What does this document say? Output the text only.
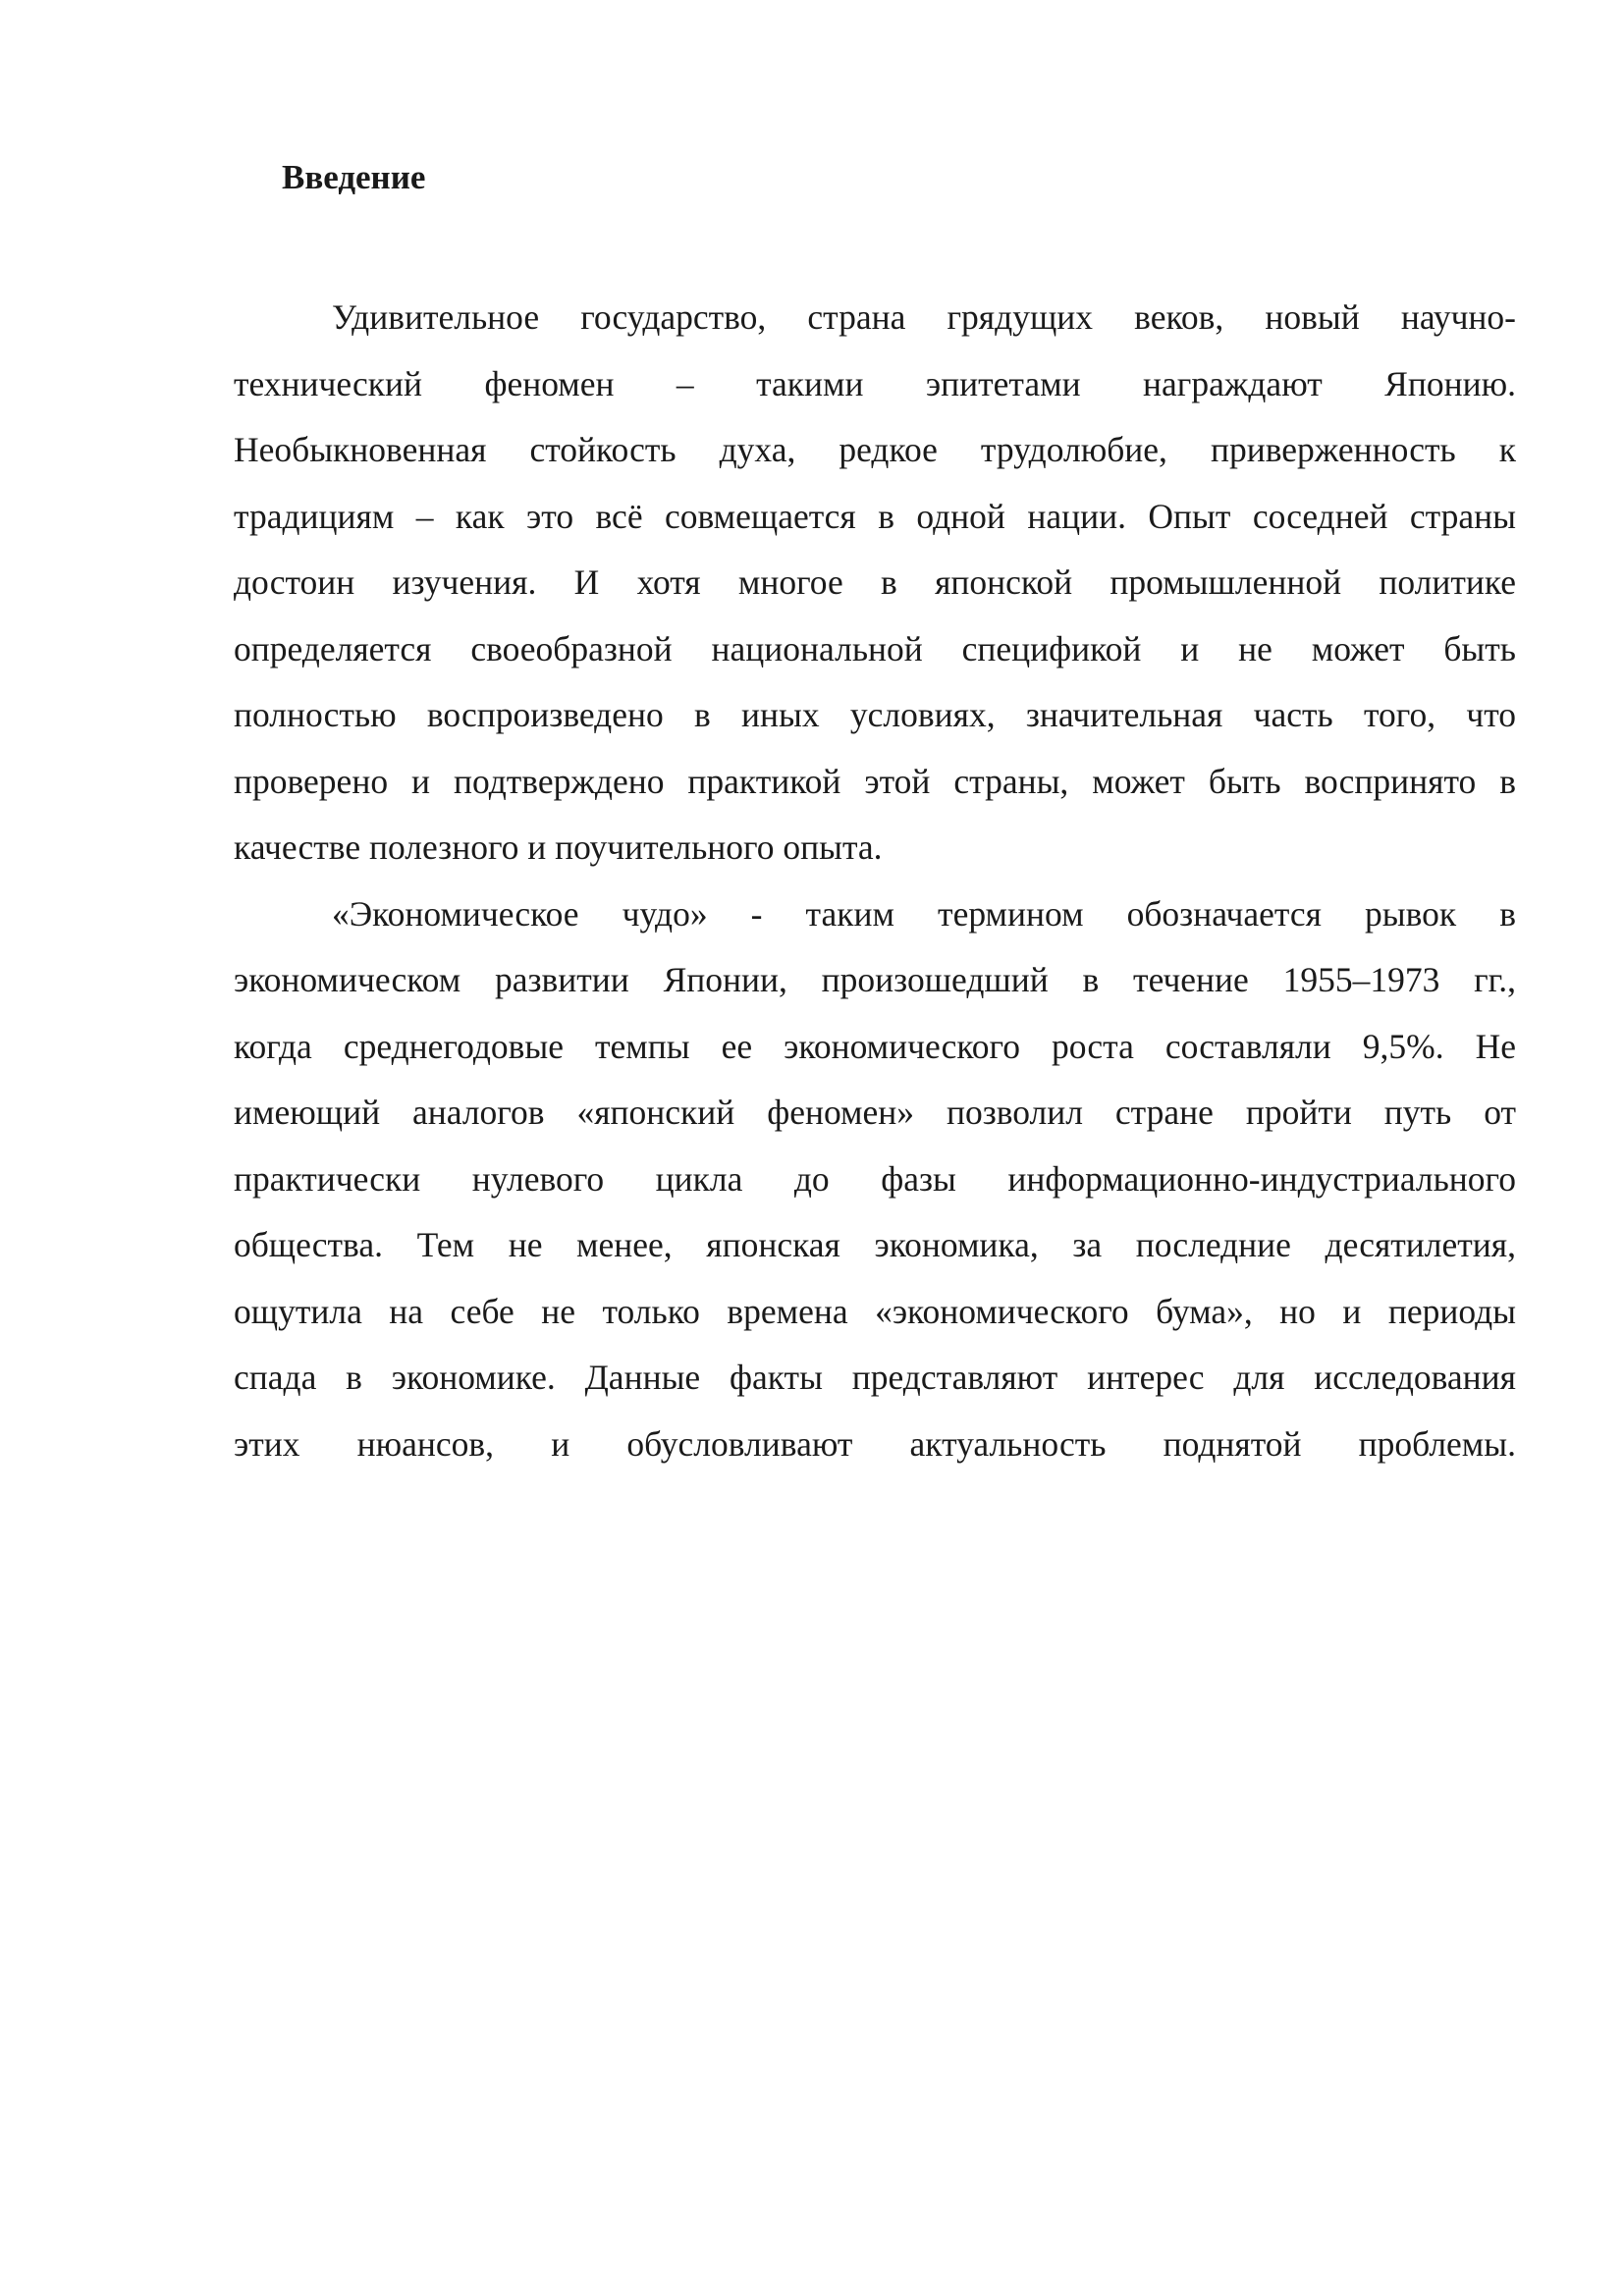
Введение

Удивительное государство, страна грядущих веков, новый научно-
технический феномен – такими эпитетами награждают Японию.
Необыкновенная стойкость духа, редкое трудолюбие, приверженность к
традициям – как это всё совмещается в одной нации. Опыт соседней страны
достоин изучения. И хотя многое в японской промышленной политике
определяется своеобразной национальной спецификой и не может быть
полностью воспроизведено в иных условиях, значительная часть того, что
проверено и подтверждено практикой этой страны, может быть воспринято в
качестве полезного и поучительного опыта.

«Экономическое чудо» - таким термином обозначается рывок в
экономическом развитии Японии, произошедший в течение 1955–1973 гг.,
когда среднегодовые темпы ее экономического роста составляли 9,5%. Не
имеющий аналогов «японский феномен» позволил стране пройти путь от
практически нулевого цикла до фазы информационно-индустриального
общества. Тем не менее, японская экономика, за последние десятилетия,
ощутила на себе не только времена «экономического бума», но и периоды
спада в экономике. Данные факты представляют интерес для исследования
этих нюансов, и обусловливают актуальность поднятой проблемы.
